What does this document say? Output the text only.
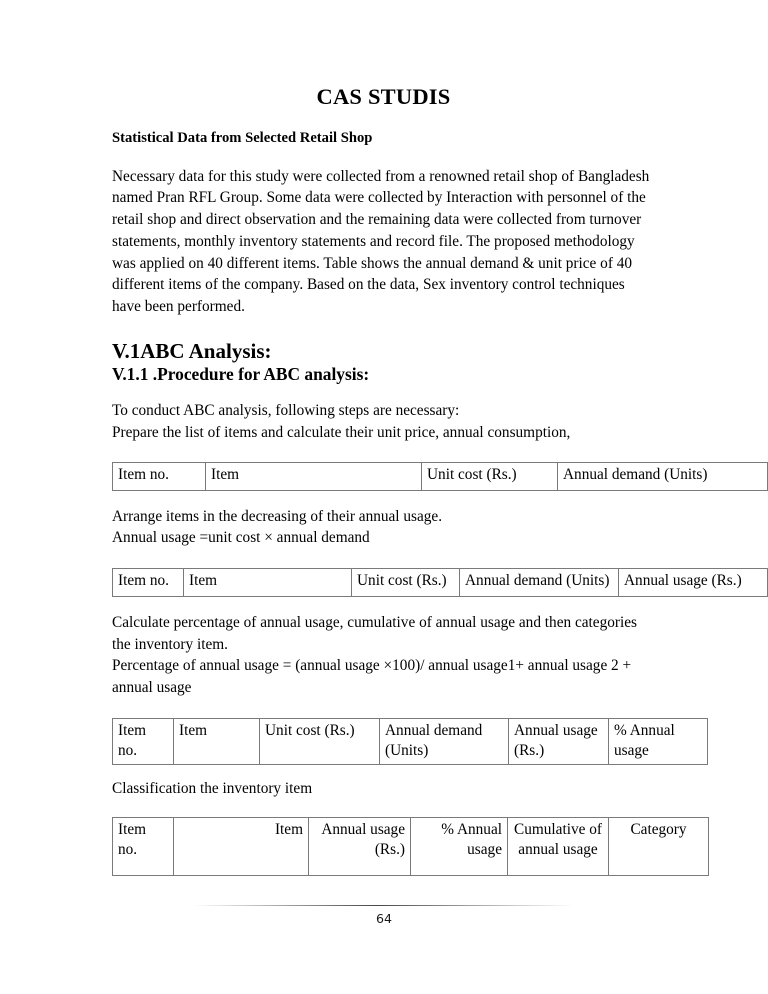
CAS STUDIS
Statistical Data from Selected Retail Shop

Necessary data for this study were collected from a renowned retail shop of Bangladesh named Pran RFL Group. Some data were collected by Interaction with personnel of the retail shop and direct observation and the remaining data were collected from turnover statements, monthly inventory statements and record file. The proposed methodology was applied on 40 different items. Table shows the annual demand & unit price of 40 different items of the company. Based on the data, Sex inventory control techniques have been performed.

V.1ABC Analysis:
V.1.1 .Procedure for ABC analysis:

To conduct ABC analysis, following steps are necessary:

Prepare the list of items and calculate their unit price, annual consumption,

Item no.	Item	Unit cost (Rs.)	Annual demand (Units)

Arrange items in the decreasing of their annual usage.

Annual usage =unit cost × annual demand

Item no.	Item	Unit cost (Rs.)	Annual demand (Units)	Annual usage (Rs.)

Calculate percentage of annual usage, cumulative of annual usage and then categories the inventory item.

Percentage of annual usage = (annual usage ×100)/ annual usage1+ annual usage 2 + annual usage

Item no.	Item	Unit cost (Rs.)	Annual demand (Units)	Annual usage (Rs.)	% Annual usage

Classification the inventory item

Item no.	Item	Annual usage (Rs.)	% Annual usage	Cumulative of annual usage	Category
64
